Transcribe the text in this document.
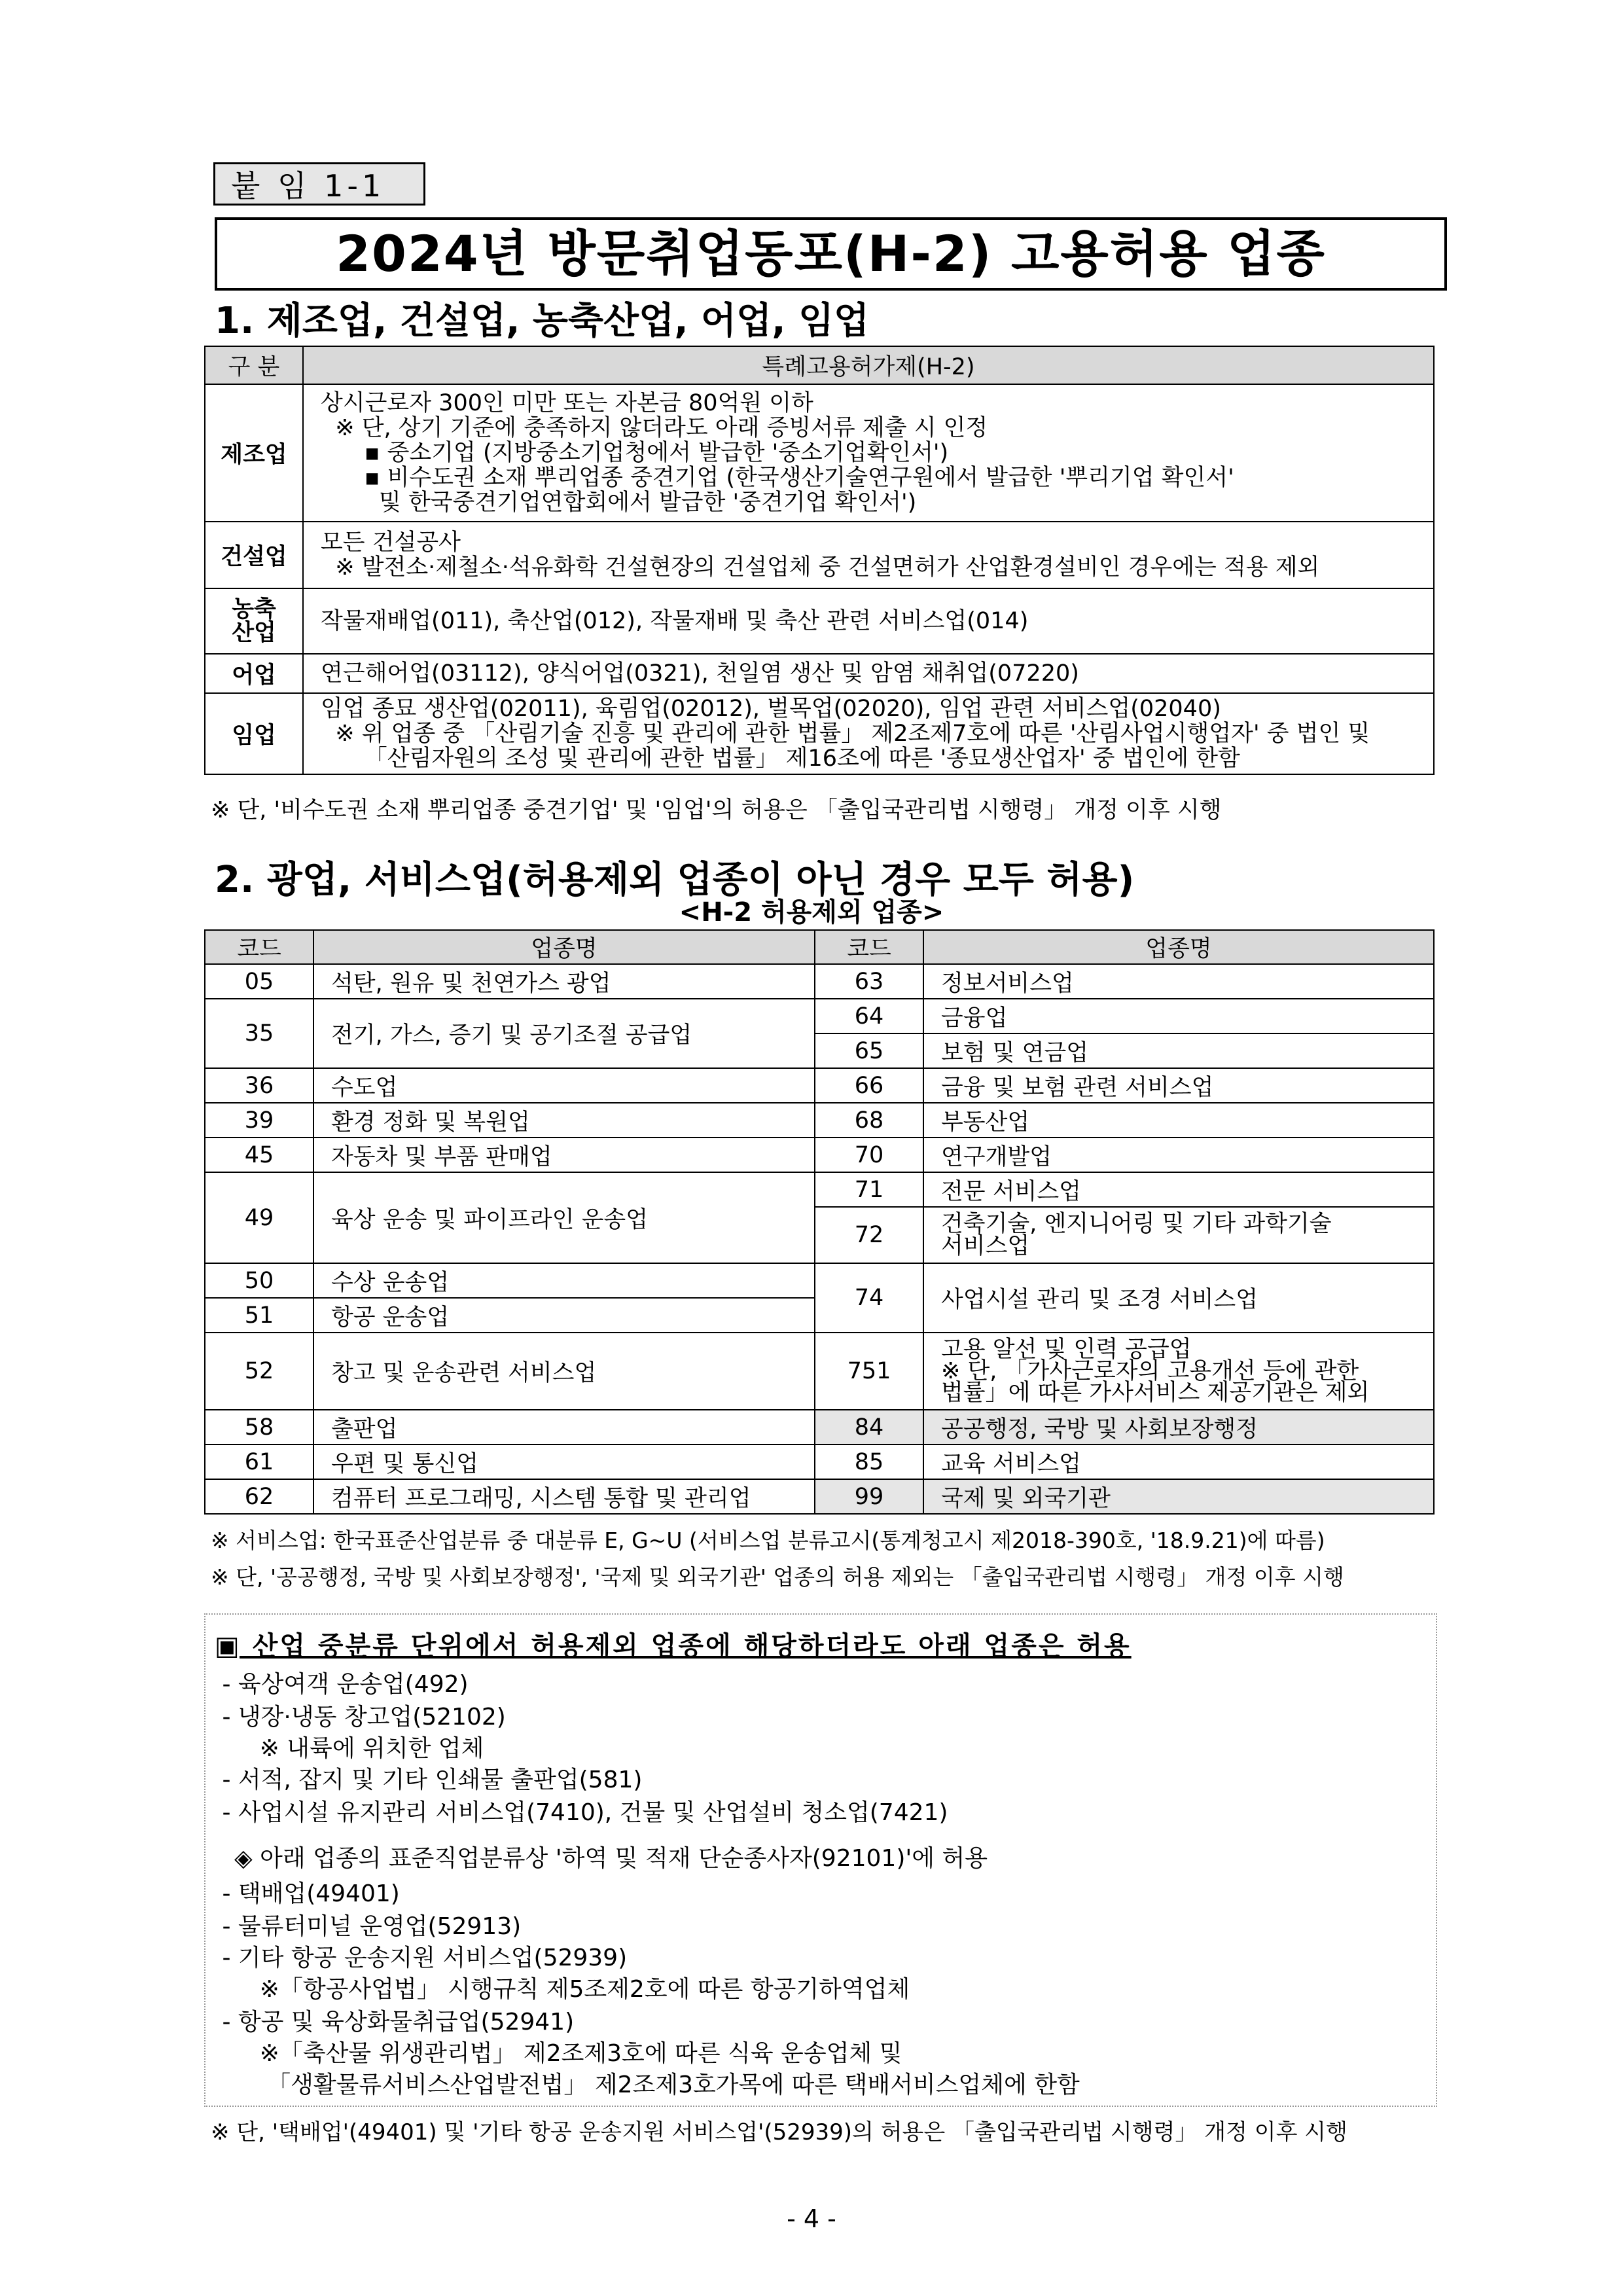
붙 임 1-1
2024년 방문취업동포(H-2) 고용허용 업종
1. 제조업, 건설업, 농축산업, 어업, 임업
구 분	특례고용허가제(H-2)
제조업	상시근로자 300인 미만 또는 자본금 80억원 이하
※ 단, 상기 기준에 충족하지 않더라도 아래 증빙서류 제출 시 인정
▪ 중소기업 (지방중소기업청에서 발급한 '중소기업확인서')
▪ 비수도권 소재 뿌리업종 중견기업 (한국생산기술연구원에서 발급한 '뿌리기업 확인서'
및 한국중견기업연합회에서 발급한 '중견기업 확인서')

건설업	모든 건설공사
※ 발전소·제철소·석유화학 건설현장의 건설업체 중 건설면허가 산업환경설비인 경우에는 적용 제외

농축
산업	작물재배업(011), 축산업(012), 작물재배 및 축산 관련 서비스업(014)
어업	연근해어업(03112), 양식어업(0321), 천일염 생산 및 암염 채취업(07220)
임업	임업 종묘 생산업(02011), 육림업(02012), 벌목업(02020), 임업 관련 서비스업(02040)
※ 위 업종 중 「산림기술 진흥 및 관리에 관한 법률」 제2조제7호에 따른 '산림사업시행업자' 중 법인 및
「산림자원의 조성 및 관리에 관한 법률」 제16조에 따른 '종묘생산업자' 중 법인에 한함
※ 단, '비수도권 소재 뿌리업종 중견기업' 및 '임업'의 허용은 「출입국관리법 시행령」 개정 이후 시행
2. 광업, 서비스업(허용제외 업종이 아닌 경우 모두 허용)
<H-2 허용제외 업종>
코드	업종명	코드	업종명
05	석탄, 원유 및 천연가스 광업	63	정보서비스업
35	전기, 가스, 증기 및 공기조절 공급업	64	금융업
		65	보험 및 연금업
36	수도업	66	금융 및 보험 관련 서비스업
39	환경 정화 및 복원업	68	부동산업
45	자동차 및 부품 판매업	70	연구개발업
49	육상 운송 및 파이프라인 운송업	71	전문 서비스업
		72	건축기술, 엔지니어링 및 기타 과학기술
서비스업
50	수상 운송업	74	사업시설 관리 및 조경 서비스업
51	항공 운송업		
52	창고 및 운송관련 서비스업	751	고용 알선 및 인력 공급업
※ 단, 「가사근로자의 고용개선 등에 관한
법률」에 따른 가사서비스 제공기관은 제외
58	출판업	84	공공행정, 국방 및 사회보장행정
61	우편 및 통신업	85	교육 서비스업
62	컴퓨터 프로그래밍, 시스템 통합 및 관리업	99	국제 및 외국기관
※ 서비스업: 한국표준산업분류 중 대분류 E, G~U (서비스업 분류고시(통계청고시 제2018-390호, '18.9.21)에 따름)
※ 단, '공공행정, 국방 및 사회보장행정', '국제 및 외국기관' 업종의 허용 제외는 「출입국관리법 시행령」 개정 이후 시행
▣ 산업 중분류 단위에서 허용제외 업종에 해당하더라도 아래 업종은 허용
- 육상여객 운송업(492)
- 냉장·냉동 창고업(52102)
※ 내륙에 위치한 업체
- 서적, 잡지 및 기타 인쇄물 출판업(581)
- 사업시설 유지관리 서비스업(7410), 건물 및 산업설비 청소업(7421)
◈ 아래 업종의 표준직업분류상 '하역 및 적재 단순종사자(92101)'에 허용
- 택배업(49401)
- 물류터미널 운영업(52913)
- 기타 항공 운송지원 서비스업(52939)
※「항공사업법」 시행규칙 제5조제2호에 따른 항공기하역업체
- 항공 및 육상화물취급업(52941)
※「축산물 위생관리법」 제2조제3호에 따른 식육 운송업체 및
「생활물류서비스산업발전법」 제2조제3호가목에 따른 택배서비스업체에 한함
※ 단, '택배업'(49401) 및 '기타 항공 운송지원 서비스업'(52939)의 허용은 「출입국관리법 시행령」 개정 이후 시행
- 4 -
